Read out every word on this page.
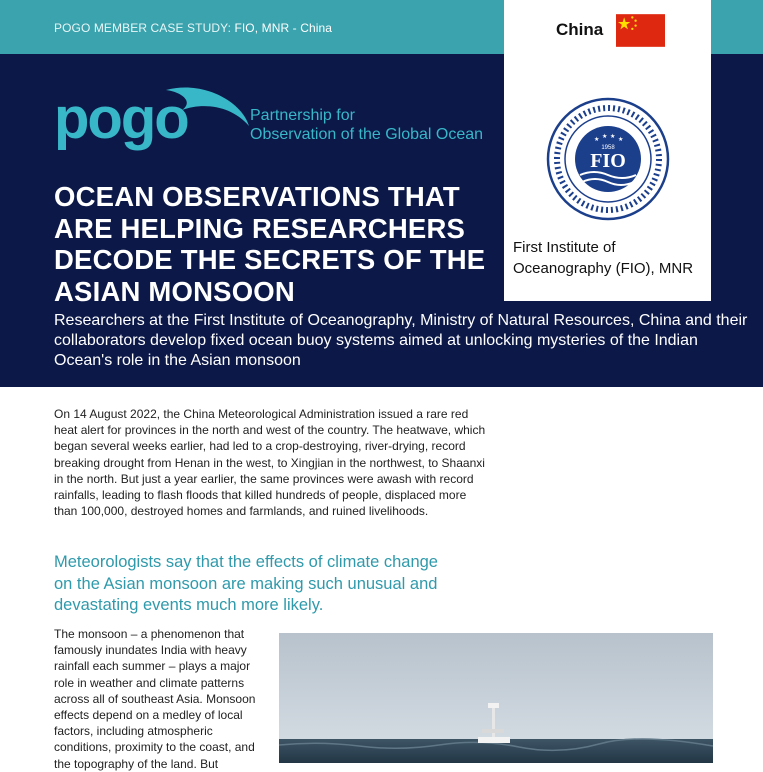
POGO MEMBER CASE STUDY: FIO, MNR - China
pogo	Partnership for
Observation of the Global Ocean
OCEAN OBSERVATIONS THAT
ARE HELPING RESEARCHERS
DECODE THE SECRETS OF THE
ASIAN MONSOON
Researchers at the First Institute of Oceanography, Ministry of Natural Resources, China and their collaborators develop fixed ocean buoy systems aimed at unlocking mysteries of the Indian Ocean's role in the Asian monsoon
China
★ ★ ★ ★
1958
FIO
First Institute of Oceanography (FIO), MNR
On 14 August 2022, the China Meteorological Administration issued a rare red heat alert for provinces in the north and west of the country. The heatwave, which began several weeks earlier, had led to a crop-destroying, river-drying, record breaking drought from Henan in the west, to Xingjian in the northwest, to Shaanxi in the north. But just a year earlier, the same provinces were awash with record rainfalls, leading to flash floods that killed hundreds of people, displaced more than 100,000, destroyed homes and farmlands, and ruined livelihoods.
Meteorologists say that the effects of climate change on the Asian monsoon are making such unusual and devastating events much more likely.
The monsoon – a phenomenon that famously inundates India with heavy rainfall each summer – plays a major role in weather and climate patterns across all of southeast Asia. Monsoon effects depend on a medley of local factors, including atmospheric conditions, proximity to the coast, and the topography of the land. But
